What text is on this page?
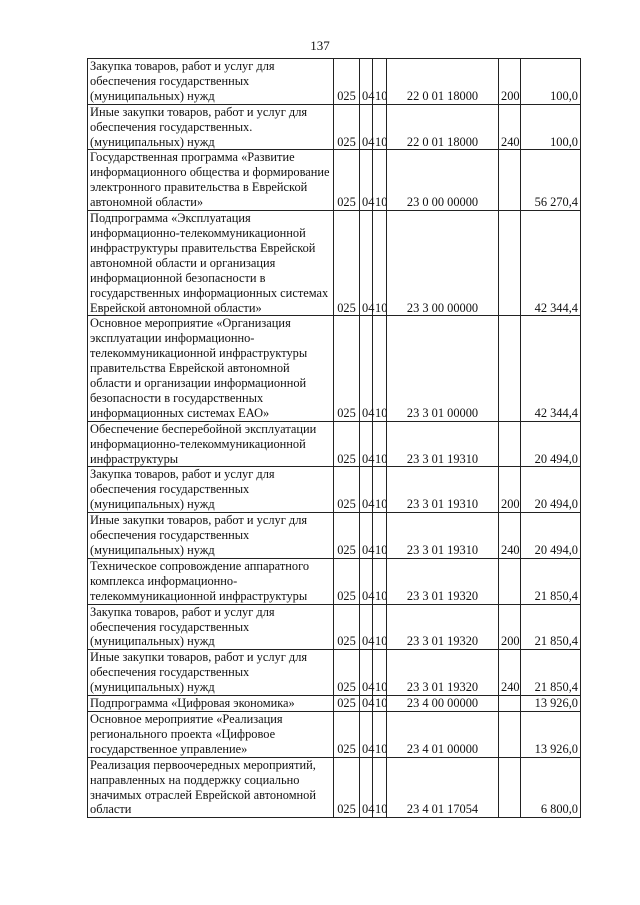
137
Закупка товаров, работ и услуг для обеспечения государственных (муниципальных) нужд	025	04	10	22 0 01 18000	200	100,0
Иные закупки товаров, работ и услуг для обеспечения государственных. (муниципальных) нужд	025	04	10	22 0 01 18000	240	100,0
Государственная программа «Развитие информационного общества и формирование электронного правительства в Еврейской автономной области»	025	04	10	23 0 00 00000		56 270,4
Подпрограмма «Эксплуатация информационно-телекоммуникационной инфраструктуры правительства Еврейской автономной области и организация информационной безопасности в государственных информационных системах Еврейской автономной области»	025	04	10	23 3 00 00000		42 344,4
Основное мероприятие «Организация эксплуатации информационно-телекоммуникационной инфраструктуры правительства Еврейской автономной области и организации информационной безопасности в государственных информационных системах ЕАО»	025	04	10	23 3 01 00000		42 344,4
Обеспечение бесперебойной эксплуатации информационно-телекоммуникационной инфраструктуры	025	04	10	23 3 01 19310		20 494,0
Закупка товаров, работ и услуг для обеспечения государственных (муниципальных) нужд	025	04	10	23 3 01 19310	200	20 494,0
Иные закупки товаров, работ и услуг для обеспечения государственных (муниципальных) нужд	025	04	10	23 3 01 19310	240	20 494,0
Техническое сопровождение аппаратного комплекса информационно-телекоммуникационной инфраструктуры	025	04	10	23 3 01 19320		21 850,4
Закупка товаров, работ и услуг для обеспечения государственных (муниципальных) нужд	025	04	10	23 3 01 19320	200	21 850,4
Иные закупки товаров, работ и услуг для обеспечения государственных (муниципальных) нужд	025	04	10	23 3 01 19320	240	21 850,4
Подпрограмма «Цифровая экономика»	025	04	10	23 4 00 00000		13 926,0
Основное мероприятие «Реализация регионального проекта «Цифровое государственное управление»	025	04	10	23 4 01 00000		13 926,0
Реализация первоочередных мероприятий, направленных на поддержку социально значимых отраслей Еврейской автономной области	025	04	10	23 4 01 17054		6 800,0
